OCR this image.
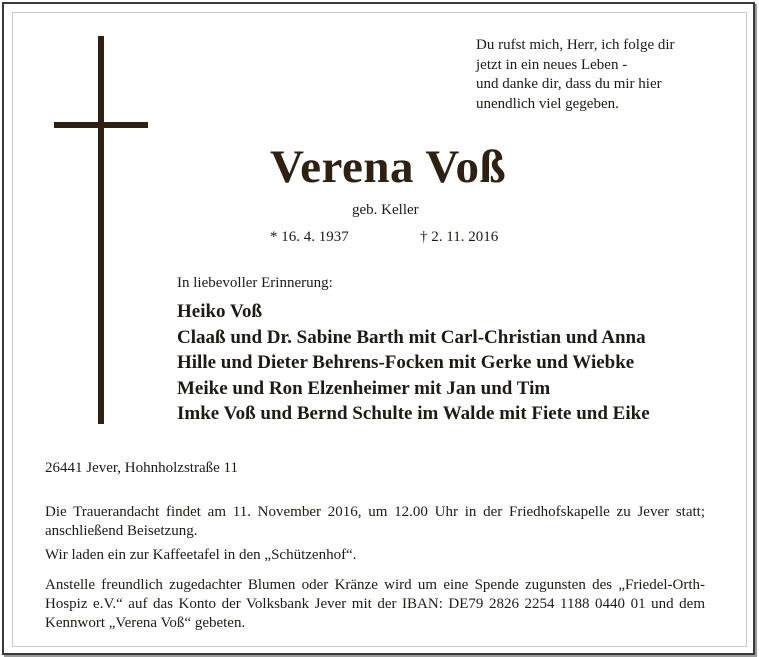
Du rufst mich, Herr, ich folge dir
jetzt in ein neues Leben -
und danke dir, dass du mir hier
unendlich viel gegeben.
Verena Voß
geb. Keller
* 16. 4. 1937	† 2. 11. 2016
In liebevoller Erinnerung:
Heiko Voß
Claaß und Dr. Sabine Barth mit Carl-Christian und Anna
Hille und Dieter Behrens-Focken mit Gerke und Wiebke
Meike und Ron Elzenheimer mit Jan und Tim
Imke Voß und Bernd Schulte im Walde mit Fiete und Eike
26441 Jever, Hohnholzstraße 11
Die Trauerandacht findet am 11. November 2016, um 12.00 Uhr in der Friedhofskapelle zu Jever statt; anschließend Beisetzung.
Wir laden ein zur Kaffeetafel in den „Schützenhof“.
Anstelle freundlich zugedachter Blumen oder Kränze wird um eine Spende zugunsten des „Friedel-Orth-Hospiz e.V.“ auf das Konto der Volksbank Jever mit der IBAN: DE79 2826 2254 1188 0440 01 und dem Kennwort „Verena Voß“ gebeten.
